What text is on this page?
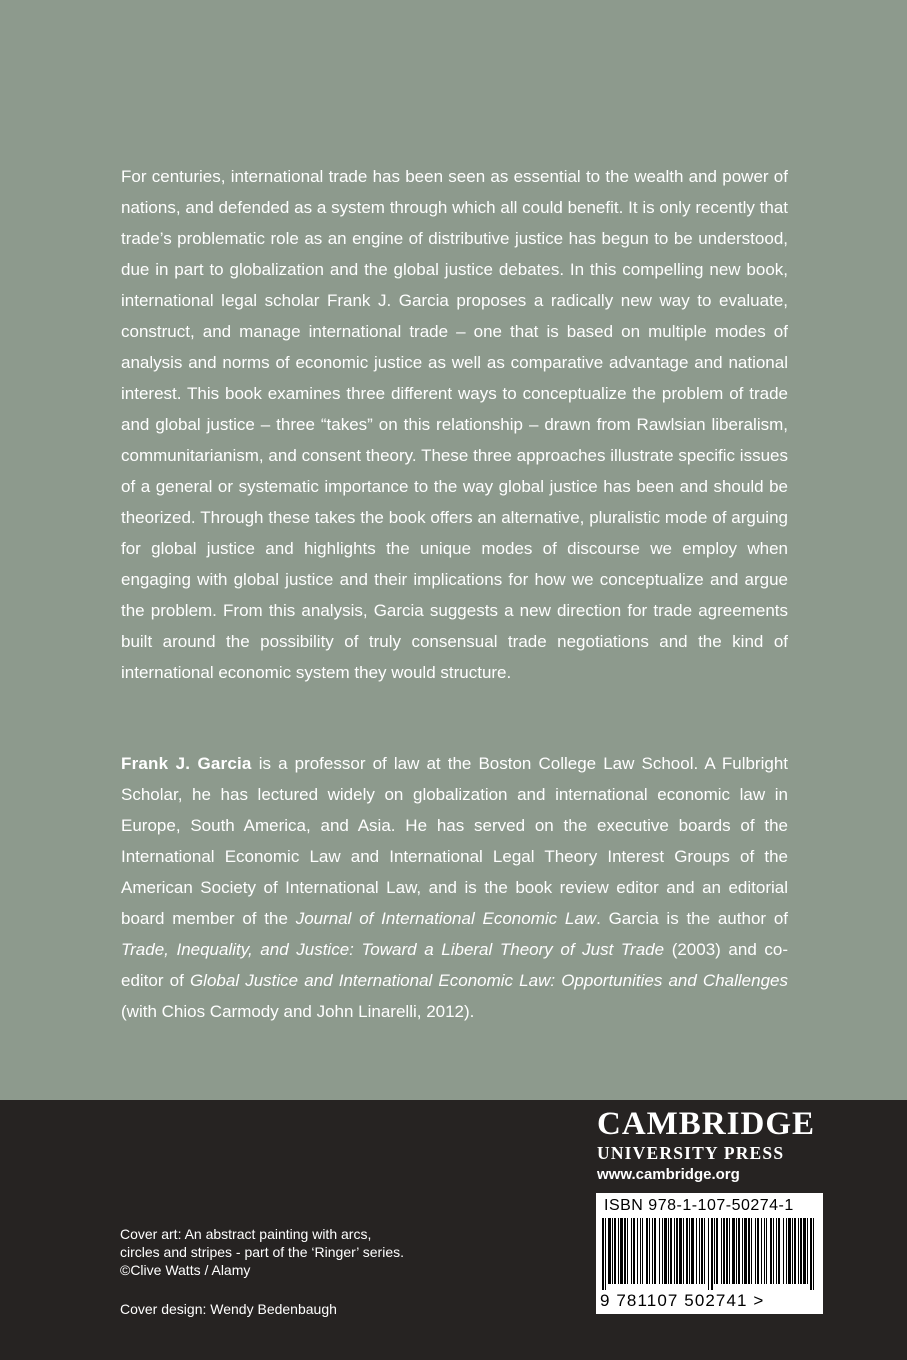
For centuries, international trade has been seen as essential to the wealth and power of nations, and defended as a system through which all could benefit. It is only recently that trade’s problematic role as an engine of distributive justice has begun to be understood, due in part to globalization and the global justice debates. In this compelling new book, international legal scholar Frank J. Garcia proposes a radically new way to evaluate, construct, and manage international trade – one that is based on multiple modes of analysis and norms of economic justice as well as comparative advantage and national interest. This book examines three different ways to conceptualize the problem of trade and global justice – three “takes” on this relationship – drawn from Rawlsian liberalism, communitarianism, and consent theory. These three approaches illustrate specific issues of a general or systematic importance to the way global justice has been and should be theorized. Through these takes the book offers an alternative, pluralistic mode of arguing for global justice and highlights the unique modes of discourse we employ when engaging with global justice and their implications for how we conceptualize and argue the problem. From this analysis, Garcia suggests a new direction for trade agreements built around the possibility of truly consensual trade negotiations and the kind of international economic system they would structure.

Frank J. Garcia is a professor of law at the Boston College Law School. A Fulbright Scholar, he has lectured widely on globalization and international economic law in Europe, South America, and Asia. He has served on the executive boards of the International Economic Law and International Legal Theory Interest Groups of the American Society of International Law, and is the book review editor and an editorial board member of the Journal of International Economic Law. Garcia is the author of Trade, Inequality, and Justice: Toward a Liberal Theory of Just Trade (2003) and co-editor of Global Justice and International Economic Law: Opportunities and Challenges (with Chios Carmody and John Linarelli, 2012).

CAMBRIDGE
UNIVERSITY PRESS
www.cambridge.org
ISBN 978-1-107-50274-1
9 781107 502741 >
Cover art: An abstract painting with arcs,
circles and stripes - part of the ‘Ringer’ series.
©Clive Watts / Alamy
Cover design: Wendy Bedenbaugh
